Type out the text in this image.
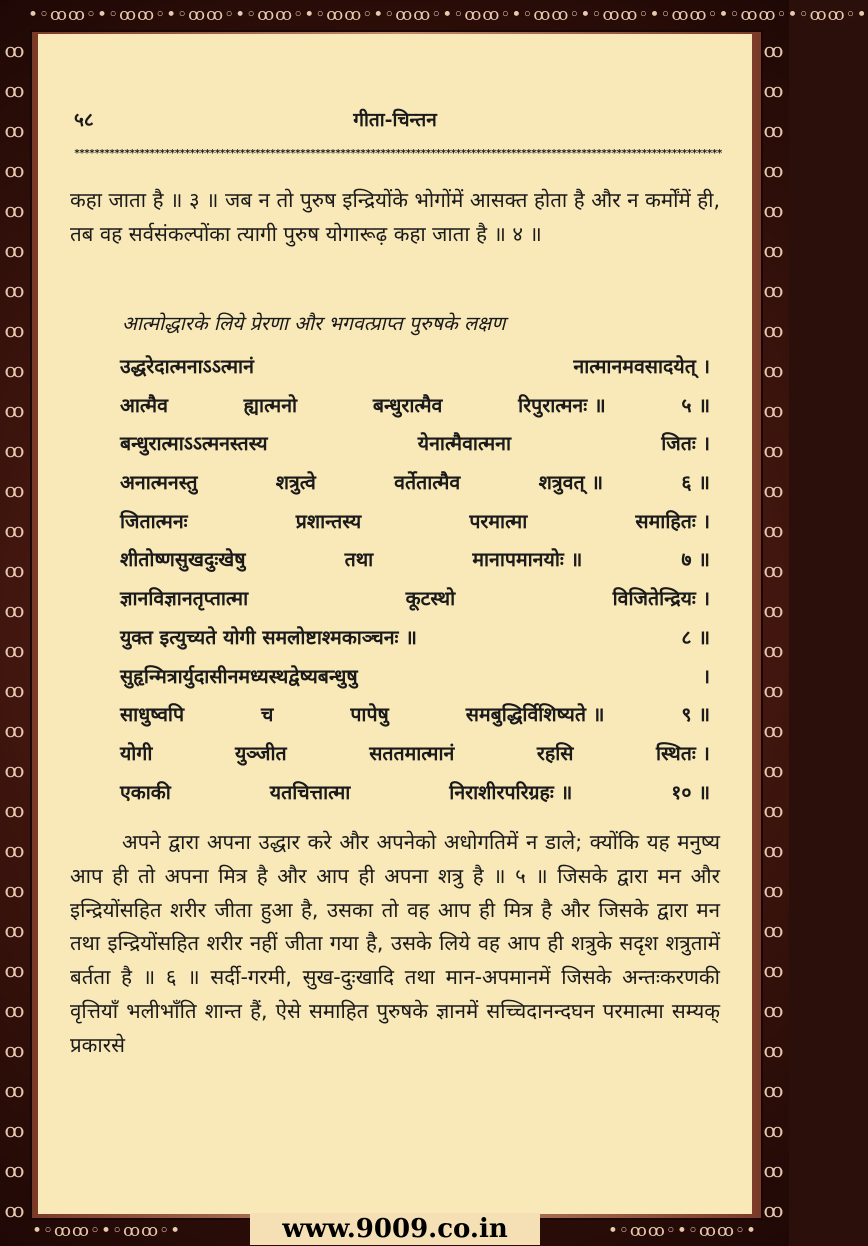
•◦ꝏꝏ◦•◦ꝏꝏ◦•◦ꝏꝏ◦•◦ꝏꝏ◦•◦ꝏꝏ◦•◦ꝏꝏ◦•◦ꝏꝏ◦•◦ꝏꝏ◦•◦ꝏꝏ◦•◦ꝏꝏ◦•◦ꝏꝏ◦•◦ꝏꝏ◦•
ꝏꝏꝏꝏꝏꝏꝏꝏꝏꝏꝏꝏꝏꝏꝏꝏꝏꝏꝏꝏꝏꝏꝏꝏꝏꝏꝏꝏꝏꝏ
ꝏꝏꝏꝏꝏꝏꝏꝏꝏꝏꝏꝏꝏꝏꝏꝏꝏꝏꝏꝏꝏꝏꝏꝏꝏꝏꝏꝏꝏꝏ
•◦ꝏꝏ◦•◦ꝏꝏ◦•	•◦ꝏꝏ◦•◦ꝏꝏ◦•
गीता-चिन्तन
५८
*********************************************************************************************************************************
कहा जाता है ॥ ३ ॥ जब न तो पुरुष इन्द्रियोंके भोगोंमें आसक्त होता है और न कर्मोंमें ही, तब वह सर्वसंकल्पोंका त्यागी पुरुष योगारूढ़ कहा जाता है ॥ ४ ॥
आत्मोद्धारके लिये प्रेरणा और भगवत्प्राप्त पुरुषके लक्षण
उद्धरेदात्मनाऽऽत्मानं	नात्मानमवसादयेत् ।
आत्मैव	ह्यात्मनो	बन्धुरात्मैव	रिपुरात्मनः ॥	५ ॥
बन्धुरात्माऽऽत्मनस्तस्य	येनात्मैवात्मना	जितः ।
अनात्मनस्तु	शत्रुत्वे	वर्तेतात्मैव	शत्रुवत् ॥	६ ॥
जितात्मनः	प्रशान्तस्य	परमात्मा	समाहितः ।
शीतोष्णसुखदुःखेषु	तथा	मानापमानयोः ॥	७ ॥
ज्ञानविज्ञानतृप्तात्मा	कूटस्थो	विजितेन्द्रियः ।
युक्त इत्युच्यते योगी समलोष्टाश्मकाञ्चनः ॥	८ ॥
सुहृन्मित्रार्युदासीनमध्यस्थद्वेष्यबन्धुषु	।
साधुष्वपि	च	पापेषु	समबुद्धिर्विशिष्यते ॥	९ ॥
योगी	युञ्जीत	सततमात्मानं	रहसि	स्थितः ।
एकाकी	यतचित्तात्मा	निराशीरपरिग्रहः ॥	१० ॥
अपने द्वारा अपना उद्धार करे और अपनेको अधोगतिमें न डाले; क्योंकि यह मनुष्य आप ही तो अपना मित्र है और आप ही अपना शत्रु है ॥ ५ ॥ जिसके द्वारा मन और इन्द्रियोंसहित शरीर जीता हुआ है, उसका तो वह आप ही मित्र है और जिसके द्वारा मन तथा इन्द्रियोंसहित शरीर नहीं जीता गया है, उसके लिये वह आप ही शत्रुके सदृश शत्रुतामें बर्तता है ॥ ६ ॥ सर्दी-गरमी, सुख-दुःखादि तथा मान-अपमानमें जिसके अन्तःकरणकी वृत्तियाँ भलीभाँति शान्त हैं, ऐसे समाहित पुरुषके ज्ञानमें सच्चिदानन्दघन परमात्मा सम्यक् प्रकारसे
www.9009.co.in
